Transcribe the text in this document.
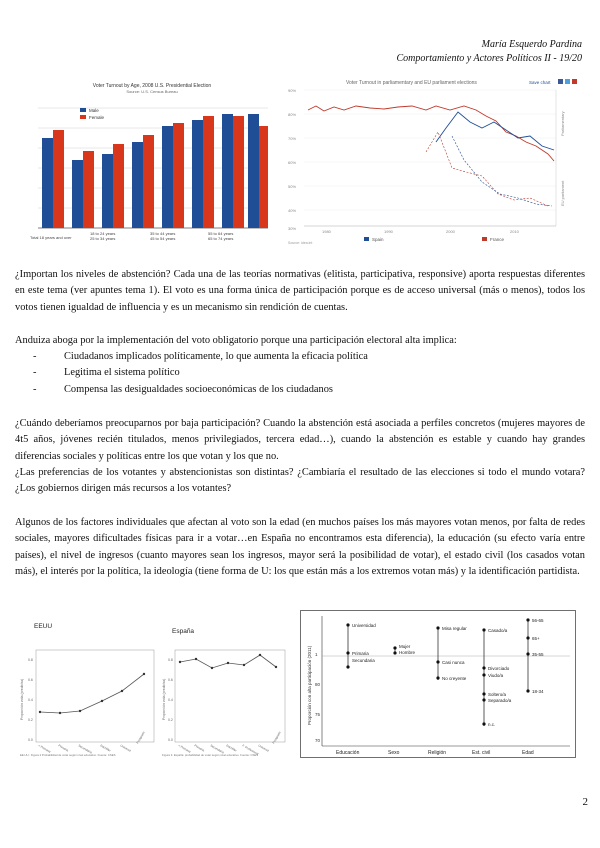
María Esquerdo Pardina
Comportamiento y Actores Políticos II - 19/20
Voter Turnout by Age, 2008 U.S. Presidential Election
Source: U.S. Census Bureau
Male
Female
Total 18 years and over
18 to 24 years
25 to 34 years
35 to 44 years
45 to 54 years
55 to 64 years
65 to 74 years
Voter Turnout in parliamentary and EU parliament elections	Save chart
90%
80%
70%
60%
50%
40%
30%
Parliamentary
EU parliament
1980	1990	2000	2010
Spain	France
Source: idea.int
¿Importan los niveles de abstención? Cada una de las teorías normativas (elitista, participativa, responsive) aporta respuestas diferentes en este tema (ver apuntes tema 1). El voto es una forma única de participación porque es de acceso universal (más o menos), todos los votos tienen igualdad de influencia y es un mecanismo sin rendición de cuentas.
Anduiza aboga por la implementación del voto obligatorio porque una participación electoral alta implica:
-	Ciudadanos implicados políticamente, lo que aumenta la eficacia política
-	Legitima el sistema político
-	Compensa las desigualdades socioeconómicas de los ciudadanos
¿Cuándo deberíamos preocuparnos por baja participación? Cuando la abstención está asociada a perfiles concretos (mujeres mayores de 4t5 años, jóvenes recién titulados, menos privilegiados, tercera edad…), cuando la abstención es estable y cuando hay grandes diferencias sociales y políticas entre los que votan y los que no.
¿Las preferencias de los votantes y abstencionistas son distintas? ¿Cambiaría el resultado de las elecciones si todo el mundo votara? ¿Los gobiernos dirigen más recursos a los votantes?
Algunos de los factores individuales que afectan al voto son la edad (en muchos países los más mayores votan menos, por falta de redes sociales, mayores dificultades físicas para ir a votar…en España no encontramos esta diferencia), la educación (su efecto varía entre países), el nivel de ingresos (cuanto mayores sean los ingresos, mayor será la posibilidad de votar), el estado civil (los casados votan más), el interés por la política, la ideología (tiene forma de U: los que están más a los extremos votan más) y la identificación partidista.
EEUU
Proporción vota (predicha)
0.8
0.6
0.4
0.2
0.0
< Primaria Primaria	Secundaria Bachiller	Universit.
Postgrado
EE.UU.: Figura 2 Probabilidad de votar según nivel educativo. Fuente: CSES
España
Proporción vota (predicha)
0.8
0.6
0.4
0.2
0.0
< Primaria Primaria Secundaria Bachiller F. Profesional
Universit.
Postgrado
Figura 3. España: probabilidad de votar según nivel educativo. Fuente: CSES
Proporción con alta participación (2011) 1
80
75
70
Universidad
Primaria
Secundaria
Mujer
Hombre
Misa regular
Casi nunca
No creyente
Casado/a
Divorciado
Viudo/a
Soltero/a
Separado/a
n.c.
56-65
65+
35-55
18-34
Educación	Sexo	Religión	Est. civil	Edad
2
